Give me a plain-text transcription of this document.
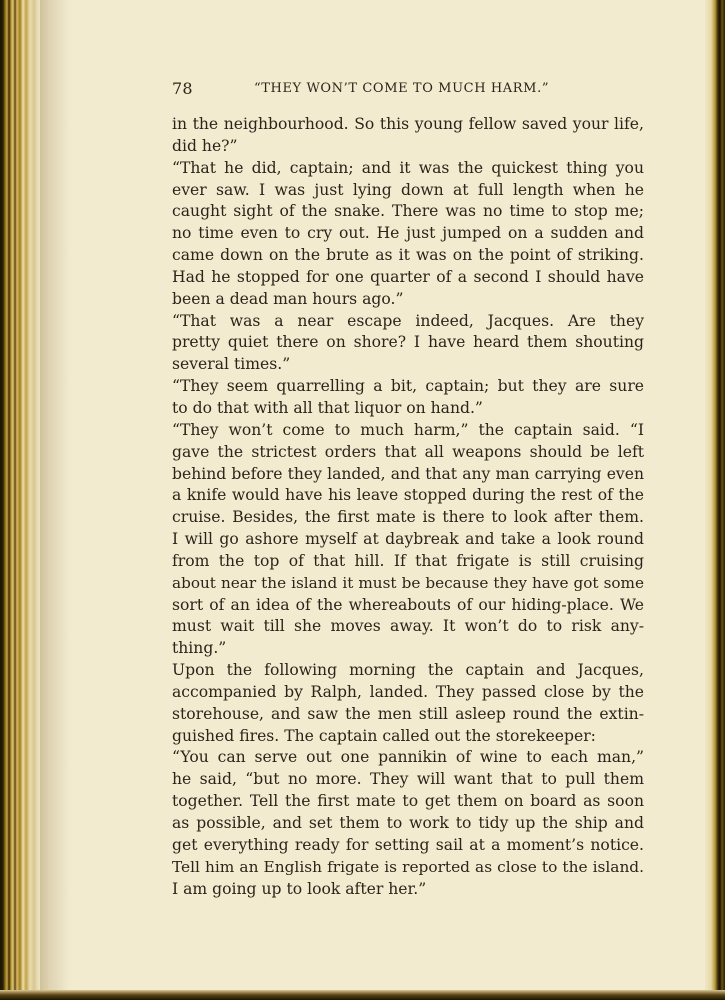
78	“THEY WON’T COME TO MUCH HARM.”
in the neighbourhood. So this young fellow saved your life,
did he?”
“That he did, captain; and it was the quickest thing you
ever saw. I was just lying down at full length when he
caught sight of the snake. There was no time to stop me;
no time even to cry out. He just jumped on a sudden and
came down on the brute as it was on the point of striking.
Had he stopped for one quarter of a second I should have
been a dead man hours ago.”
“That was a near escape indeed, Jacques. Are they
pretty quiet there on shore? I have heard them shouting
several times.”
“They seem quarrelling a bit, captain; but they are sure
to do that with all that liquor on hand.”
“They won’t come to much harm,” the captain said. “I
gave the strictest orders that all weapons should be left
behind before they landed, and that any man carrying even
a knife would have his leave stopped during the rest of the
cruise. Besides, the first mate is there to look after them.
I will go ashore myself at daybreak and take a look round
from the top of that hill. If that frigate is still cruising
about near the island it must be because they have got some
sort of an idea of the whereabouts of our hiding-place. We
must wait till she moves away. It won’t do to risk any-
thing.”
Upon the following morning the captain and Jacques,
accompanied by Ralph, landed. They passed close by the
storehouse, and saw the men still asleep round the extin-
guished fires. The captain called out the storekeeper:
“You can serve out one pannikin of wine to each man,”
he said, “but no more. They will want that to pull them
together. Tell the first mate to get them on board as soon
as possible, and set them to work to tidy up the ship and
get everything ready for setting sail at a moment’s notice.
Tell him an English frigate is reported as close to the island.
I am going up to look after her.”
